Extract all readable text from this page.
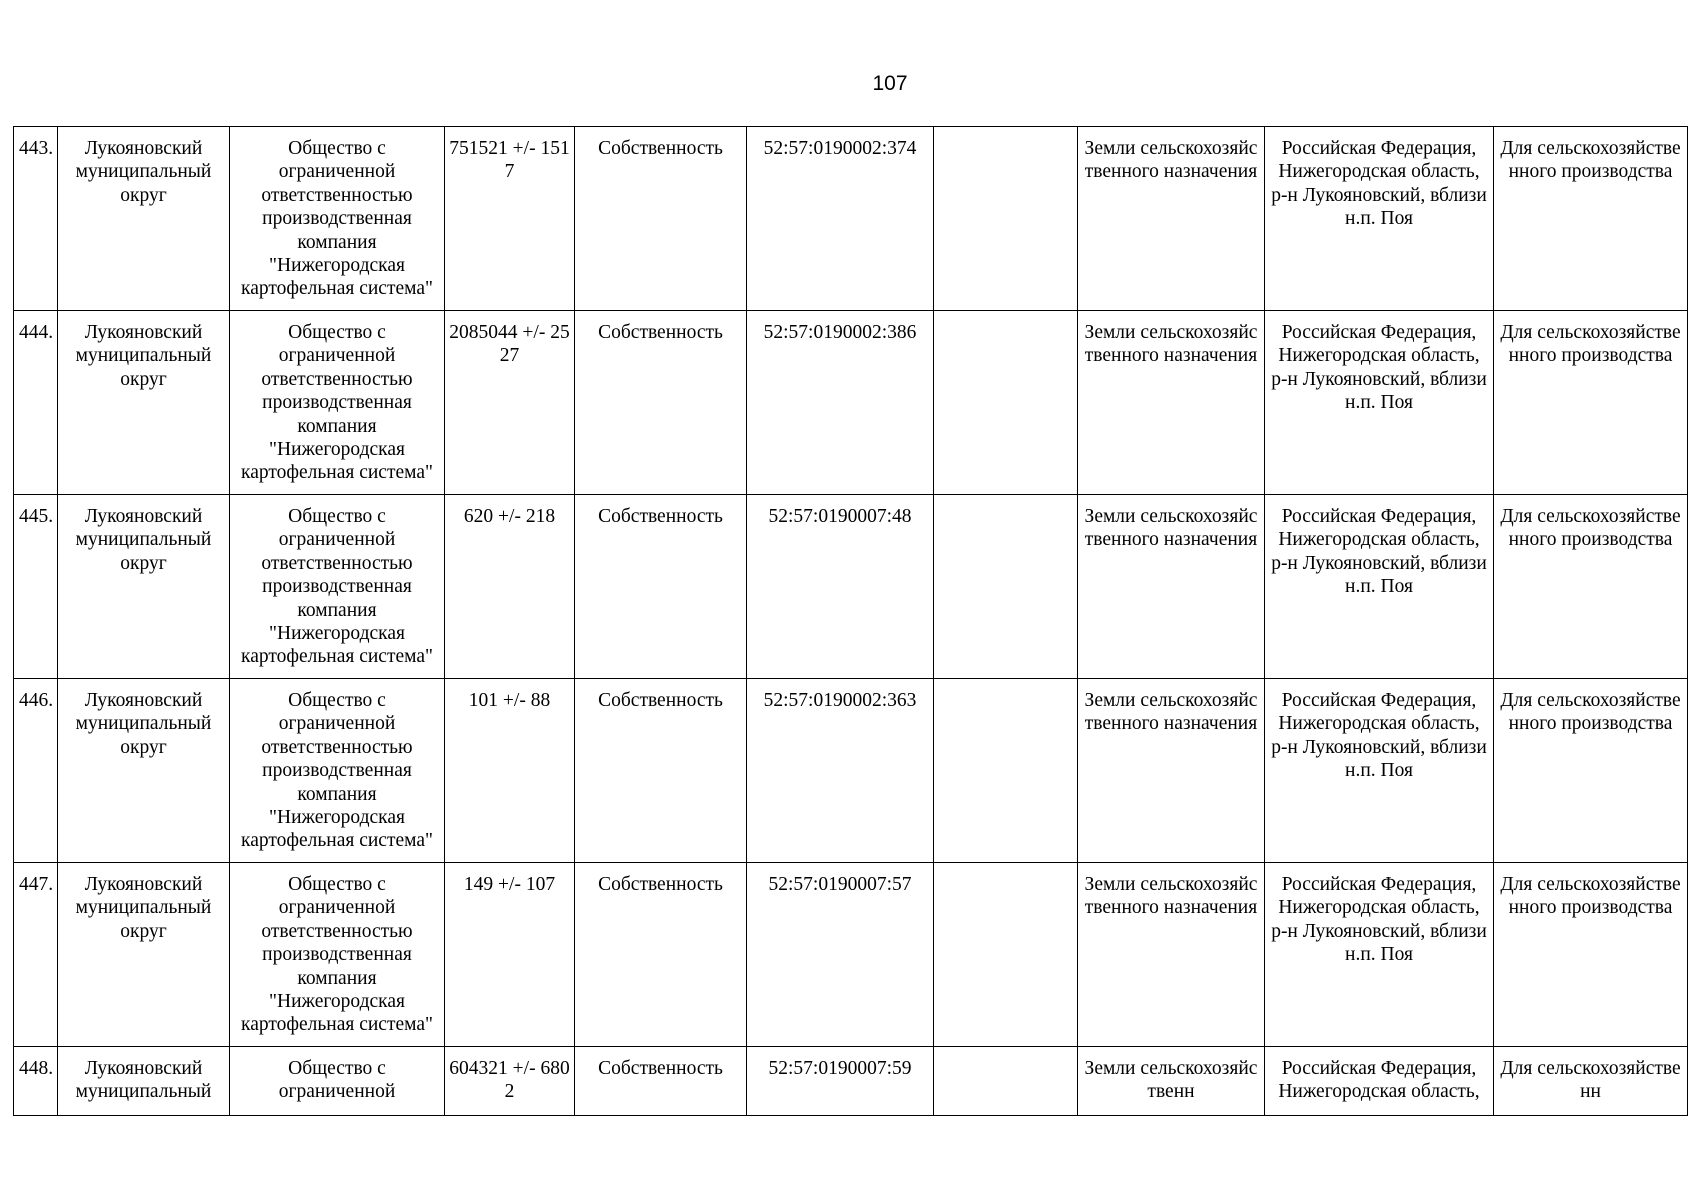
107
443.	Лукояновский муниципальный округ	Общество с ограниченной ответственностью производственная компания "Нижегородская картофельная система"	751521 +/- 1517	Собственность	52:57:0190002:374		Земли сельскохозяйственного назначения	Российская Федерация, Нижегородская область, р-н Лукояновский, вблизи н.п. Поя	Для сельскохозяйственного производства
444.	Лукояновский муниципальный округ	Общество с ограниченной ответственностью производственная компания "Нижегородская картофельная система"	2085044 +/- 2527	Собственность	52:57:0190002:386		Земли сельскохозяйственного назначения	Российская Федерация, Нижегородская область, р-н Лукояновский, вблизи н.п. Поя	Для сельскохозяйственного производства
445.	Лукояновский муниципальный округ	Общество с ограниченной ответственностью производственная компания "Нижегородская картофельная система"	620 +/- 218	Собственность	52:57:0190007:48		Земли сельскохозяйственного назначения	Российская Федерация, Нижегородская область, р-н Лукояновский, вблизи н.п. Поя	Для сельскохозяйственного производства
446.	Лукояновский муниципальный округ	Общество с ограниченной ответственностью производственная компания "Нижегородская картофельная система"	101 +/- 88	Собственность	52:57:0190002:363		Земли сельскохозяйственного назначения	Российская Федерация, Нижегородская область, р-н Лукояновский, вблизи н.п. Поя	Для сельскохозяйственного производства
447.	Лукояновский муниципальный округ	Общество с ограниченной ответственностью производственная компания "Нижегородская картофельная система"	149 +/- 107	Собственность	52:57:0190007:57		Земли сельскохозяйственного назначения	Российская Федерация, Нижегородская область, р-н Лукояновский, вблизи н.п. Поя	Для сельскохозяйственного производства
448.	Лукояновский муниципальный	Общество с ограниченной	604321 +/- 6802	Собственность	52:57:0190007:59		Земли сельскохозяйственн	Российская Федерация, Нижегородская область,	Для сельскохозяйственн
